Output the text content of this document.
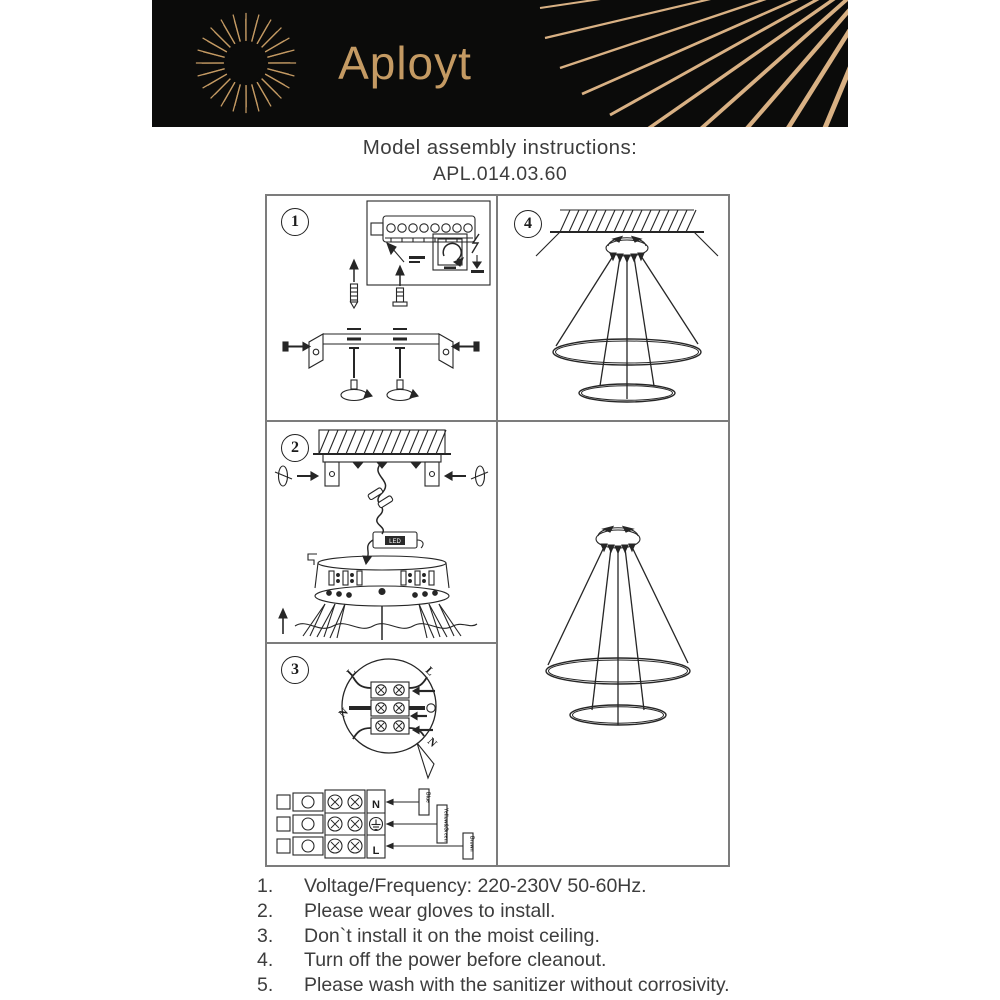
Aployt
Model assembly instructions:
APL.014.03.60
1
2
LED
3	L	L
N
N
N
L
Blue
Yellow&Green
Brown
4
1.	Voltage/Frequency: 220-230V 50-60Hz.
2.	Please wear gloves to install.
3.	Don`t install it on the moist ceiling.
4.	Turn off the power before cleanout.
5.	Please wash with the sanitizer without corrosivity.
